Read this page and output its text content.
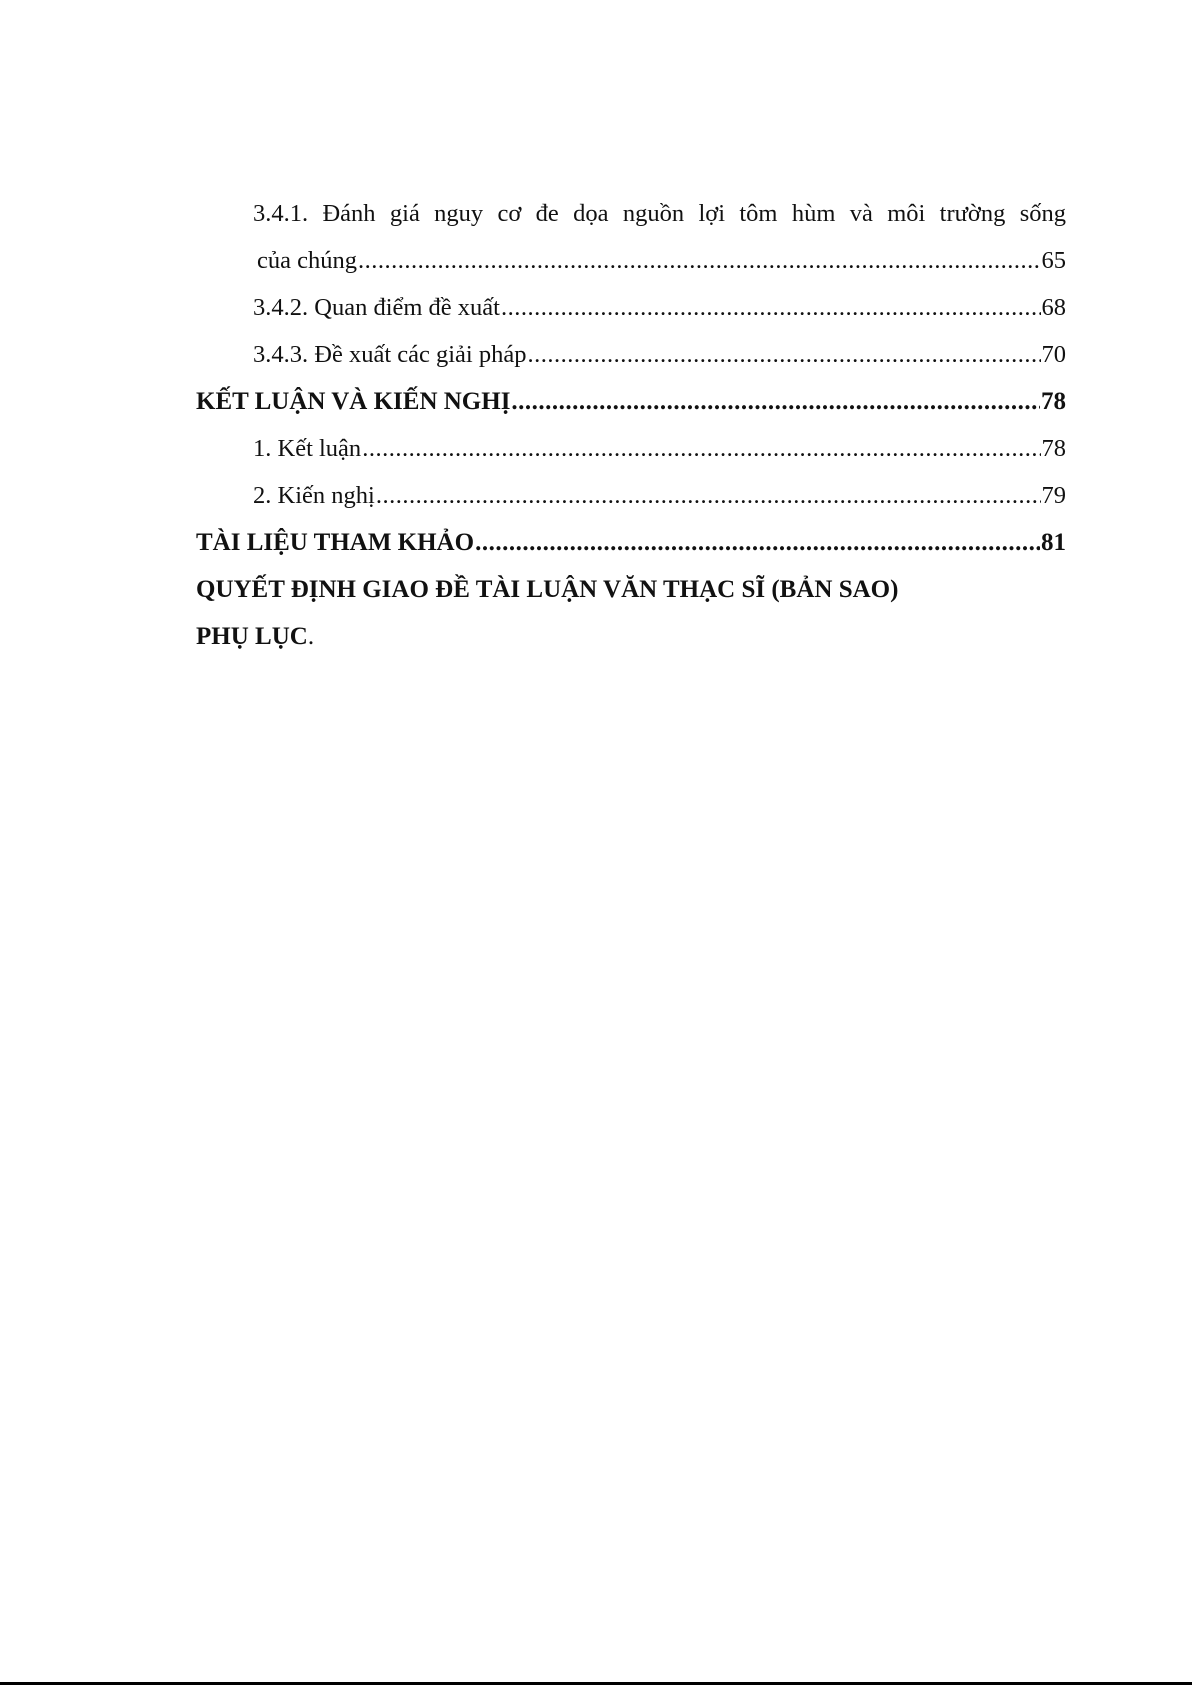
3.4.1. Đánh giá nguy cơ đe dọa nguồn lợi tôm hùm và môi trường sống
của chúng .....	65
3.4.2. Quan điểm đề xuất .....	68
3.4.3. Đề xuất các giải pháp .....	70
KẾT LUẬN VÀ KIẾN NGHỊ .....	78
1. Kết luận .....	78
2. Kiến nghị .....	79
TÀI LIỆU THAM KHẢO .....	81
QUYẾT ĐỊNH GIAO ĐỀ TÀI LUẬN VĂN THẠC SĨ (BẢN SAO)
PHỤ LỤC .
